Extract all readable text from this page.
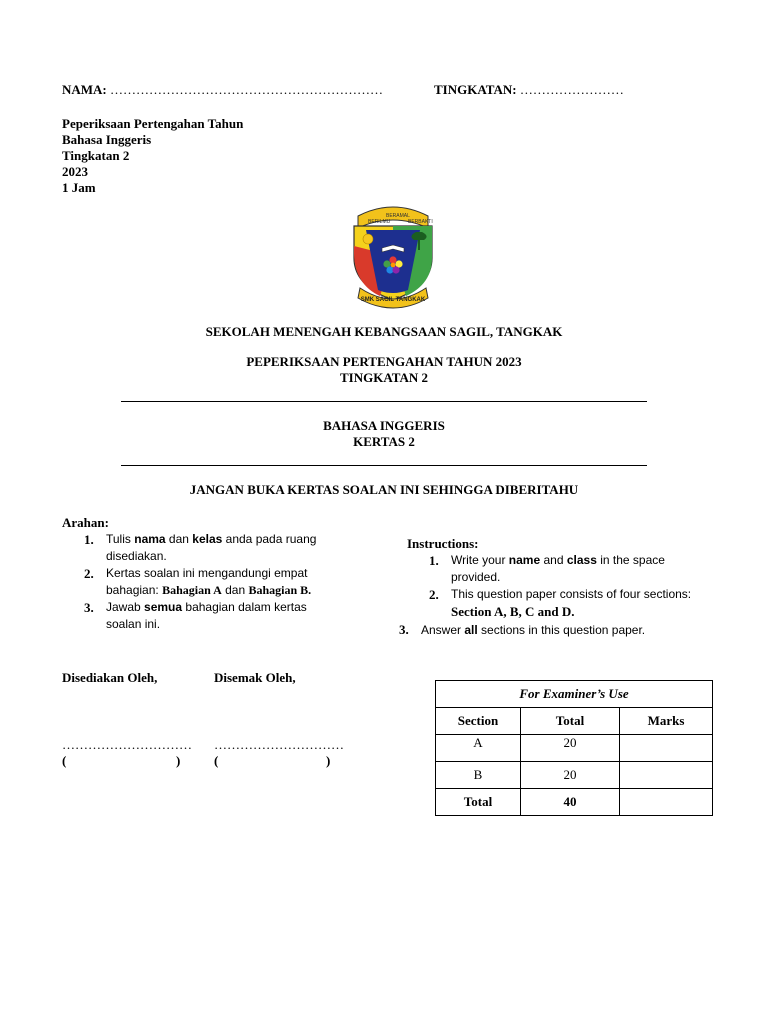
NAMA: ………………………………………………………	TINGKATAN: ……………………
Peperiksaan Pertengahan Tahun
Bahasa Inggeris
Tingkatan 2
2023
1 Jam
BERILMU
BERAMAL
BERBAKTI
SMK SAGIL TANGKAK
SEKOLAH MENENGAH KEBANGSAAN SAGIL, TANGKAK
PEPERIKSAAN PERTENGAHAN TAHUN 2023
TINGKATAN 2
BAHASA INGGERIS
KERTAS 2
JANGAN BUKA KERTAS SOALAN INI SEHINGGA DIBERITAHU
Arahan:
1. Tulis nama dan kelas anda pada ruang
disediakan.
2. Kertas soalan ini mengandungi empat
bahagian: Bahagian A dan Bahagian B.
3. Jawab semua bahagian dalam kertas
soalan ini.
Instructions:
1. Write your name and class in the space
provided.
2. This question paper consists of four sections:
Section A, B, C and D.
3. Answer all sections in this question paper.
Disediakan Oleh,	Disemak Oleh,
………………………… …………………………
(	)	(	)
For Examiner’s Use		
Section	Total	Marks
A	20	
B	20	
Total	40	
